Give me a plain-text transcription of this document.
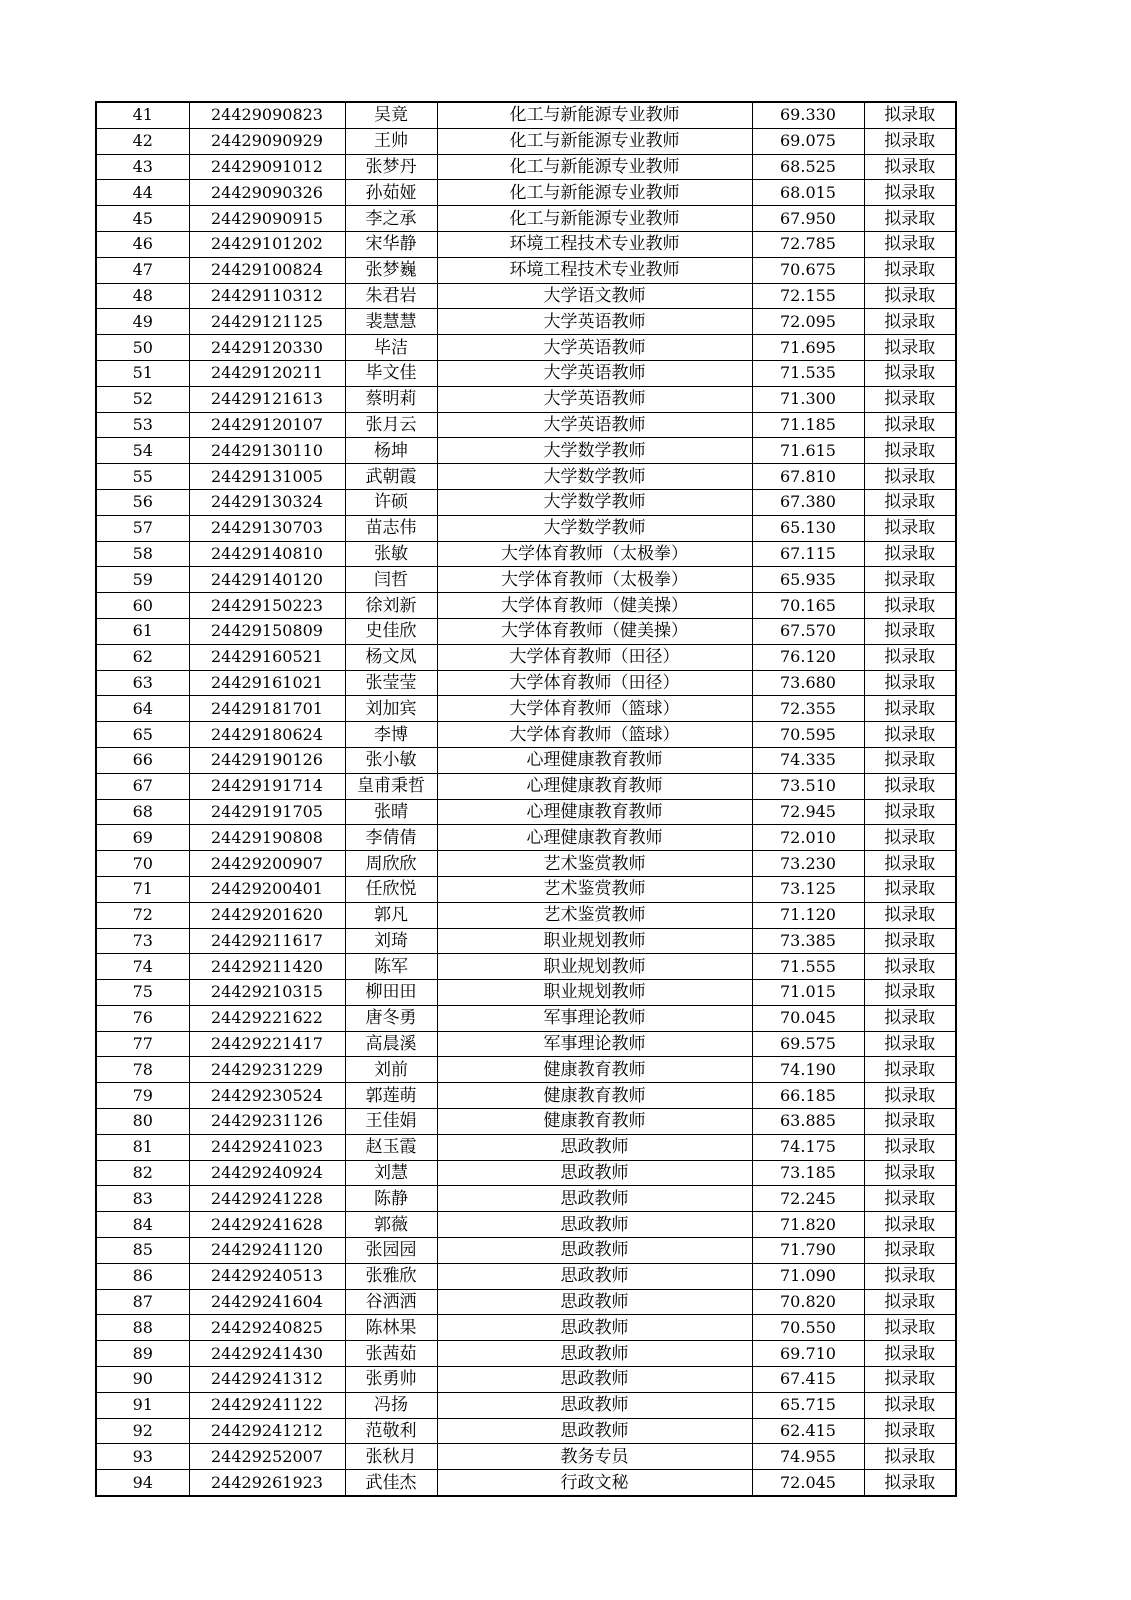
41	24429090823	吴竟	化工与新能源专业教师	69.330	拟录取
42	24429090929	王帅	化工与新能源专业教师	69.075	拟录取
43	24429091012	张梦丹	化工与新能源专业教师	68.525	拟录取
44	24429090326	孙茹娅	化工与新能源专业教师	68.015	拟录取
45	24429090915	李之承	化工与新能源专业教师	67.950	拟录取
46	24429101202	宋华静	环境工程技术专业教师	72.785	拟录取
47	24429100824	张梦巍	环境工程技术专业教师	70.675	拟录取
48	24429110312	朱君岩	大学语文教师	72.155	拟录取
49	24429121125	裴慧慧	大学英语教师	72.095	拟录取
50	24429120330	毕洁	大学英语教师	71.695	拟录取
51	24429120211	毕文佳	大学英语教师	71.535	拟录取
52	24429121613	蔡明莉	大学英语教师	71.300	拟录取
53	24429120107	张月云	大学英语教师	71.185	拟录取
54	24429130110	杨坤	大学数学教师	71.615	拟录取
55	24429131005	武朝霞	大学数学教师	67.810	拟录取
56	24429130324	许硕	大学数学教师	67.380	拟录取
57	24429130703	苗志伟	大学数学教师	65.130	拟录取
58	24429140810	张敏	大学体育教师（太极拳）	67.115	拟录取
59	24429140120	闫哲	大学体育教师（太极拳）	65.935	拟录取
60	24429150223	徐刘新	大学体育教师（健美操）	70.165	拟录取
61	24429150809	史佳欣	大学体育教师（健美操）	67.570	拟录取
62	24429160521	杨文凤	大学体育教师（田径）	76.120	拟录取
63	24429161021	张莹莹	大学体育教师（田径）	73.680	拟录取
64	24429181701	刘加宾	大学体育教师（篮球）	72.355	拟录取
65	24429180624	李博	大学体育教师（篮球）	70.595	拟录取
66	24429190126	张小敏	心理健康教育教师	74.335	拟录取
67	24429191714	皇甫秉哲	心理健康教育教师	73.510	拟录取
68	24429191705	张晴	心理健康教育教师	72.945	拟录取
69	24429190808	李倩倩	心理健康教育教师	72.010	拟录取
70	24429200907	周欣欣	艺术鉴赏教师	73.230	拟录取
71	24429200401	任欣悦	艺术鉴赏教师	73.125	拟录取
72	24429201620	郭凡	艺术鉴赏教师	71.120	拟录取
73	24429211617	刘琦	职业规划教师	73.385	拟录取
74	24429211420	陈军	职业规划教师	71.555	拟录取
75	24429210315	柳田田	职业规划教师	71.015	拟录取
76	24429221622	唐冬勇	军事理论教师	70.045	拟录取
77	24429221417	高晨溪	军事理论教师	69.575	拟录取
78	24429231229	刘前	健康教育教师	74.190	拟录取
79	24429230524	郭莲萌	健康教育教师	66.185	拟录取
80	24429231126	王佳娟	健康教育教师	63.885	拟录取
81	24429241023	赵玉霞	思政教师	74.175	拟录取
82	24429240924	刘慧	思政教师	73.185	拟录取
83	24429241228	陈静	思政教师	72.245	拟录取
84	24429241628	郭薇	思政教师	71.820	拟录取
85	24429241120	张园园	思政教师	71.790	拟录取
86	24429240513	张雅欣	思政教师	71.090	拟录取
87	24429241604	谷洒洒	思政教师	70.820	拟录取
88	24429240825	陈林果	思政教师	70.550	拟录取
89	24429241430	张茜茹	思政教师	69.710	拟录取
90	24429241312	张勇帅	思政教师	67.415	拟录取
91	24429241122	冯扬	思政教师	65.715	拟录取
92	24429241212	范敬利	思政教师	62.415	拟录取
93	24429252007	张秋月	教务专员	74.955	拟录取
94	24429261923	武佳杰	行政文秘	72.045	拟录取
